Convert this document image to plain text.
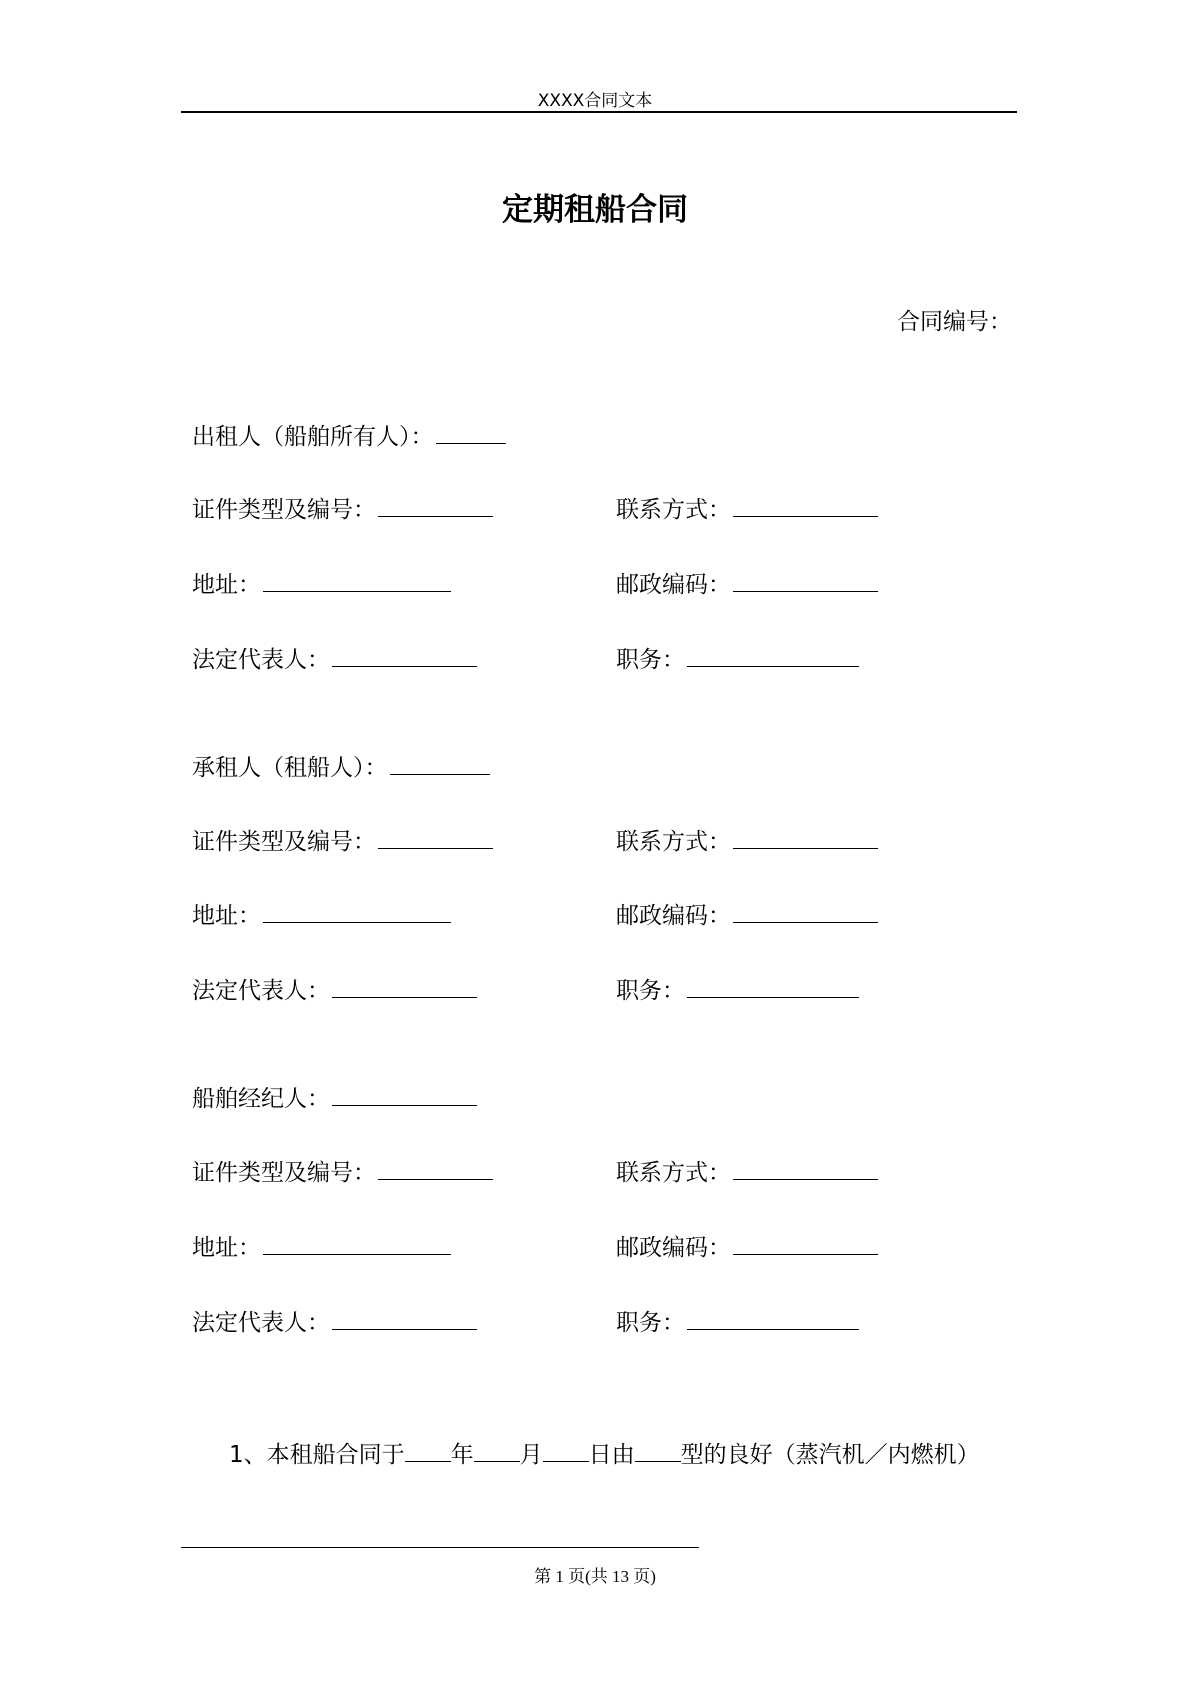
XXXX合同文本
定期租船合同
合同编号：
出租人（船舶所有人）：
证件类型及编号：	联系方式：
地址：	邮政编码：
法定代表人：	职务：
承租人（租船人）：
证件类型及编号：	联系方式：
地址：	邮政编码：
法定代表人：	职务：
船舶经纪人：
证件类型及编号：	联系方式：
地址：	邮政编码：
法定代表人：	职务：
1、本租船合同于 年 月 日由 型的良好（蒸汽机／内燃机）
第 1 页(共 13 页)
